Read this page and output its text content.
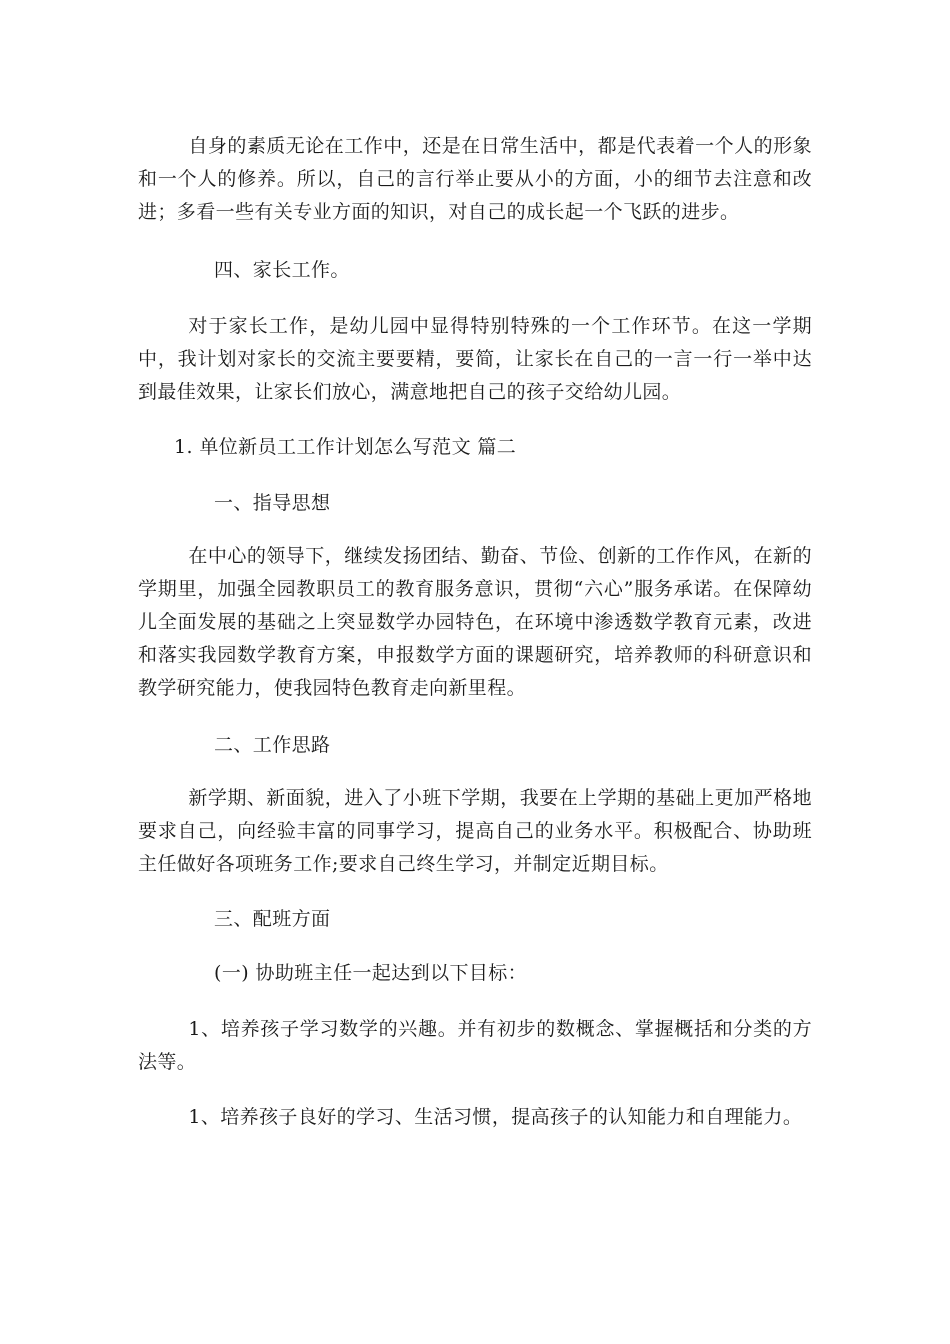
自身的素质无论在工作中，还是在日常生活中，都是代表着一个人的形象和一个人的修养。所以，自己的言行举止要从小的方面，小的细节去注意和改进；多看一些有关专业方面的知识，对自己的成长起一个飞跃的进步。

四、家长工作。

对于家长工作，是幼儿园中显得特别特殊的一个工作环节。在这一学期中，我计划对家长的交流主要要精，要简，让家长在自己的一言一行一举中达到最佳效果，让家长们放心，满意地把自己的孩子交给幼儿园。

1. 单位新员工工作计划怎么写范文 篇二

一、指导思想

在中心的领导下，继续发扬团结、勤奋、节俭、创新的工作作风，在新的学期里，加强全园教职员工的教育服务意识，贯彻“六心”服务承诺。在保障幼儿全面发展的基础之上突显数学办园特色，在环境中渗透数学教育元素，改进和落实我园数学教育方案，申报数学方面的课题研究，培养教师的科研意识和教学研究能力，使我园特色教育走向新里程。

二、工作思路

新学期、新面貌，进入了小班下学期，我要在上学期的基础上更加严格地要求自己，向经验丰富的同事学习，提高自己的业务水平。积极配合、协助班主任做好各项班务工作;要求自己终生学习，并制定近期目标。

三、配班方面

(一) 协助班主任一起达到以下目标：

1、培养孩子学习数学的兴趣。并有初步的数概念、掌握概括和分类的方法等。

1、培养孩子良好的学习、生活习惯，提高孩子的认知能力和自理能力。
